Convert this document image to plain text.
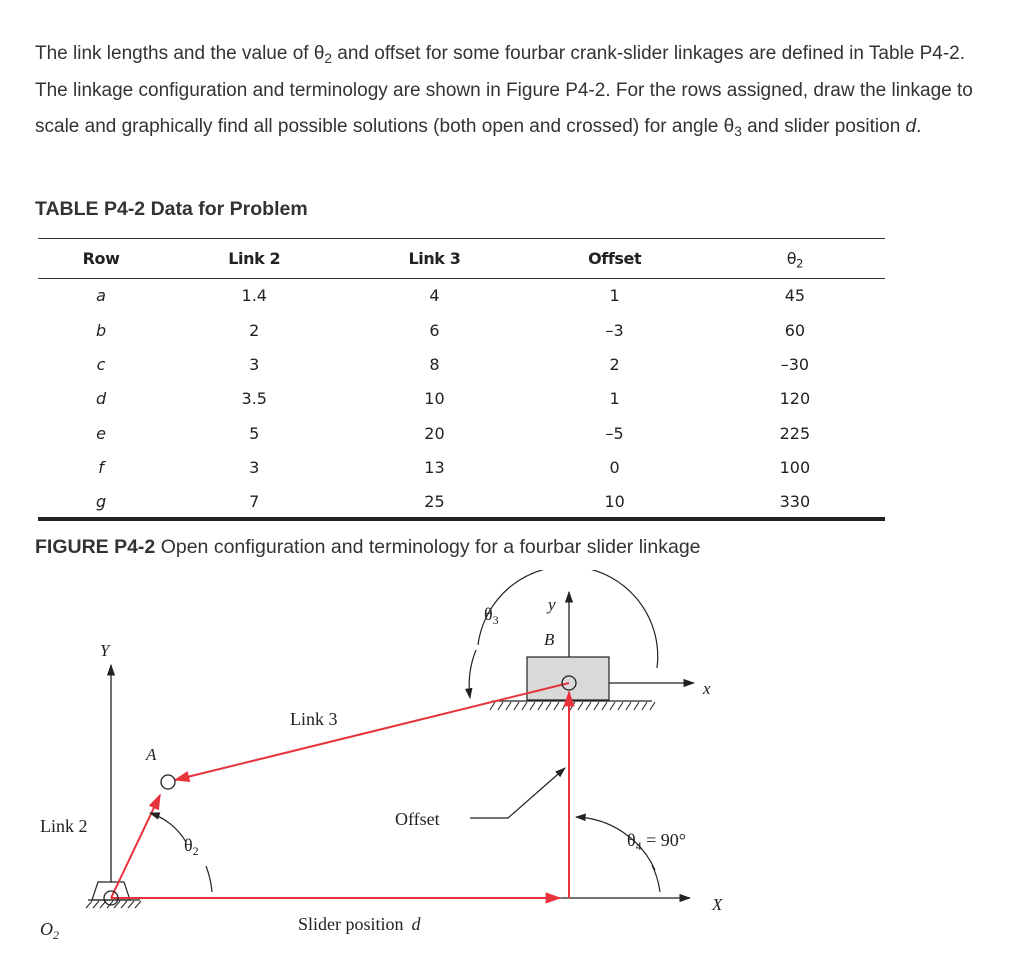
The link lengths and the value of $\theta_2$ and offset for some fourbar crank-slider linkages are defined in Table P4-2. The linkage configuration and terminology are shown in Figure P4-2. For the rows assigned, draw the linkage to scale and graphically find all possible solutions (both open and crossed) for angle $\theta_3$ and slider position d.

TABLE P4-2 Data for Problem

Row	Link 2	Link 3	Offset	$\theta_2$
a	1.4	4	1	45
b	2	6	–3	60
c	3	8	2	–30
d	3.5	10	1	120
e	5	20	–5	225
f	3	13	0	100
g	7	25	10	330

FIGURE P4-2 Open configuration and terminology for a fourbar slider linkage

Y
X
y
x
B
A
$O_2$
Link 2
Link 3
Offset
Slider position d
$\theta_2$
$\theta_3$
$\theta_4 = 90^\circ$
